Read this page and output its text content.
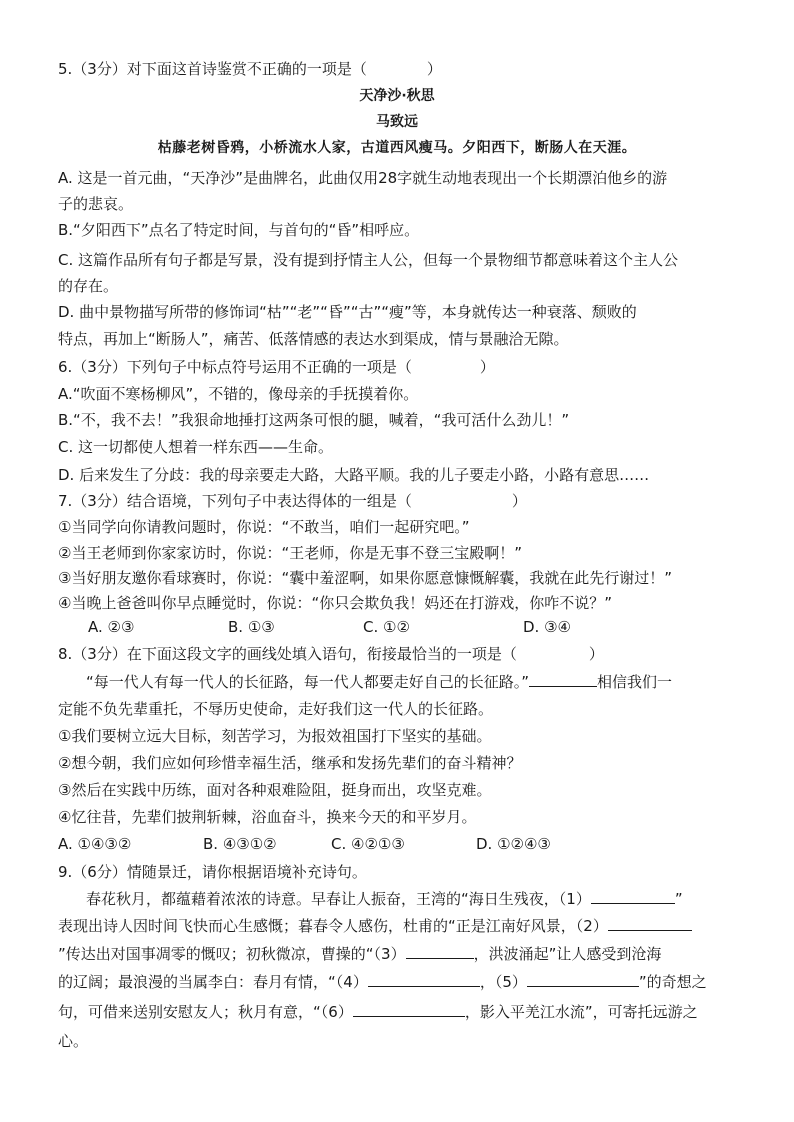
5.（3分）对下面这首诗鉴赏不正确的一项是（	）
天净沙·秋思
马致远
枯藤老树昏鸦，小桥流水人家，古道西风瘦马。夕阳西下，断肠人在天涯。
A. 这是一首元曲，“天净沙”是曲牌名，此曲仅用28字就生动地表现出一个长期漂泊他乡的游
子的悲哀。
B.“夕阳西下”点名了特定时间，与首句的“昏”相呼应。
C. 这篇作品所有句子都是写景，没有提到抒情主人公，但每一个景物细节都意味着这个主人公
的存在。
D. 曲中景物描写所带的修饰词“枯”“老”“昏”“古”“瘦”等，本身就传达一种衰落、颓败的
特点，再加上“断肠人”，痛苦、低落情感的表达水到渠成，情与景融洽无隙。
6.（3分）下列句子中标点符号运用不正确的一项是（	）
A.“吹面不寒杨柳风”，不错的，像母亲的手抚摸着你。
B.“不，我不去！”我狠命地捶打这两条可恨的腿，喊着，“我可活什么劲儿！”
C. 这一切都使人想着一样东西——生命。
D. 后来发生了分歧：我的母亲要走大路，大路平顺。我的儿子要走小路，小路有意思……
7.（3分）结合语境，下列句子中表达得体的一组是（	）
①当同学向你请教问题时，你说：“不敢当，咱们一起研究吧。”
②当王老师到你家家访时，你说：“王老师，你是无事不登三宝殿啊！”
③当好朋友邀你看球赛时，你说：“囊中羞涩啊，如果你愿意慷慨解囊，我就在此先行谢过！”
④当晚上爸爸叫你早点睡觉时，你说：“你只会欺负我！妈还在打游戏，你咋不说？”
A. ②③	B. ①③	C. ①②	D. ③④
8.（3分）在下面这段文字的画线处填入语句，衔接最恰当的一项是（	）
“每一代人有每一代人的长征路，每一代人都要走好自己的长征路。”	相信我们一
定能不负先辈重托，不辱历史使命，走好我们这一代人的长征路。
①我们要树立远大目标，刻苦学习，为报效祖国打下坚实的基础。
②想今朝，我们应如何珍惜幸福生活，继承和发扬先辈们的奋斗精神？
③然后在实践中历练，面对各种艰难险阻，挺身而出，攻坚克难。
④忆往昔，先辈们披荆斩棘，浴血奋斗，换来今天的和平岁月。
A. ①④③②	B. ④③①②	C. ④②①③	D. ①②④③
9.（6分）情随景迁，请你根据语境补充诗句。
春花秋月，都蕴藉着浓浓的诗意。早春让人振奋，王湾的“海日生残夜，（1）	”
表现出诗人因时间飞快而心生感慨；暮春令人感伤，杜甫的“正是江南好风景，（2）
”传达出对国事凋零的慨叹；初秋微凉，曹操的“（3）	，洪波涌起”让人感受到沧海
的辽阔；最浪漫的当属李白：春月有情，“（4）	，（5）	”的奇想之
句，可借来送别安慰友人；秋月有意，“（6）	，影入平羌江水流”，可寄托远游之
心。
